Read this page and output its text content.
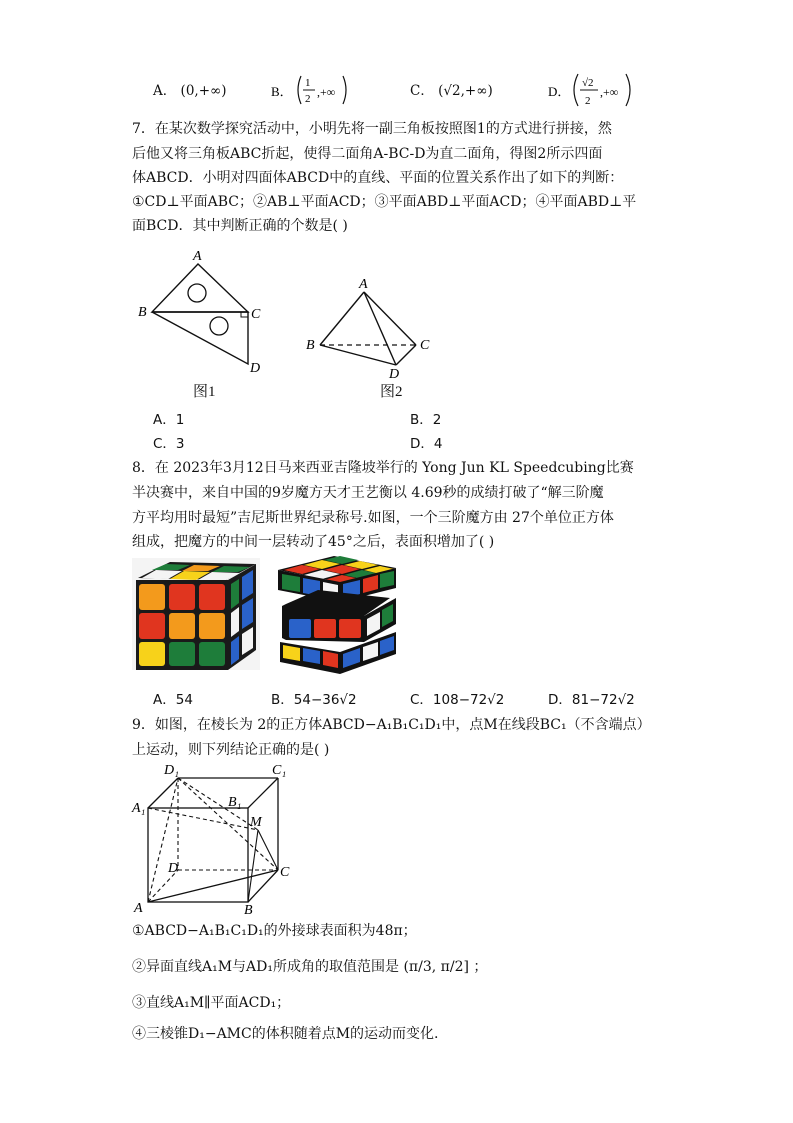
A． (0,+∞)	B．
1
2 ,+∞	C． (√2,+∞)	D．
√2
2
,+∞
7．在某次数学探究活动中，小明先将一副三角板按照图1的方式进行拼接，然
后他又将三角板ABC折起，使得二面角A-BC-D为直二面角，得图2所示四面
体ABCD．小明对四面体ABCD中的直线、平面的位置关系作出了如下的判断：
①CD⊥平面ABC；②AB⊥平面ACD；③平面ABD⊥平面ACD；④平面ABD⊥平
面BCD．其中判断正确的个数是( )
A
B	C
D
图1
A
B	C
D
图2
A．1	B．2
C．3	D．4
8．在 2023年3月12日马来西亚吉隆坡举行的 Yong Jun KL Speedcubing比赛
半决赛中，来自中国的9岁魔方天才王艺衡以 4.69秒的成绩打破了“解三阶魔
方平均用时最短”吉尼斯世界纪录称号.如图，一个三阶魔方由 27个单位正方体
组成，把魔方的中间一层转动了45°之后，表面积增加了( )
A．54	B．54−36√2	C．108−72√2	D．81−72√2
9．如图，在棱长为 2的正方体ABCD−A₁B₁C₁D₁中，点M在线段BC₁（不含端点）
上运动，则下列结论正确的是( )
D₁	C₁
A₁	B₁
M
D	C
A	B
①ABCD−A₁B₁C₁D₁的外接球表面积为48π；
②异面直线A₁M与AD₁所成角的取值范围是 (π/3, π/2] ；
③直线A₁M∥平面ACD₁；
④三棱锥D₁−AMC的体积随着点M的运动而变化.
